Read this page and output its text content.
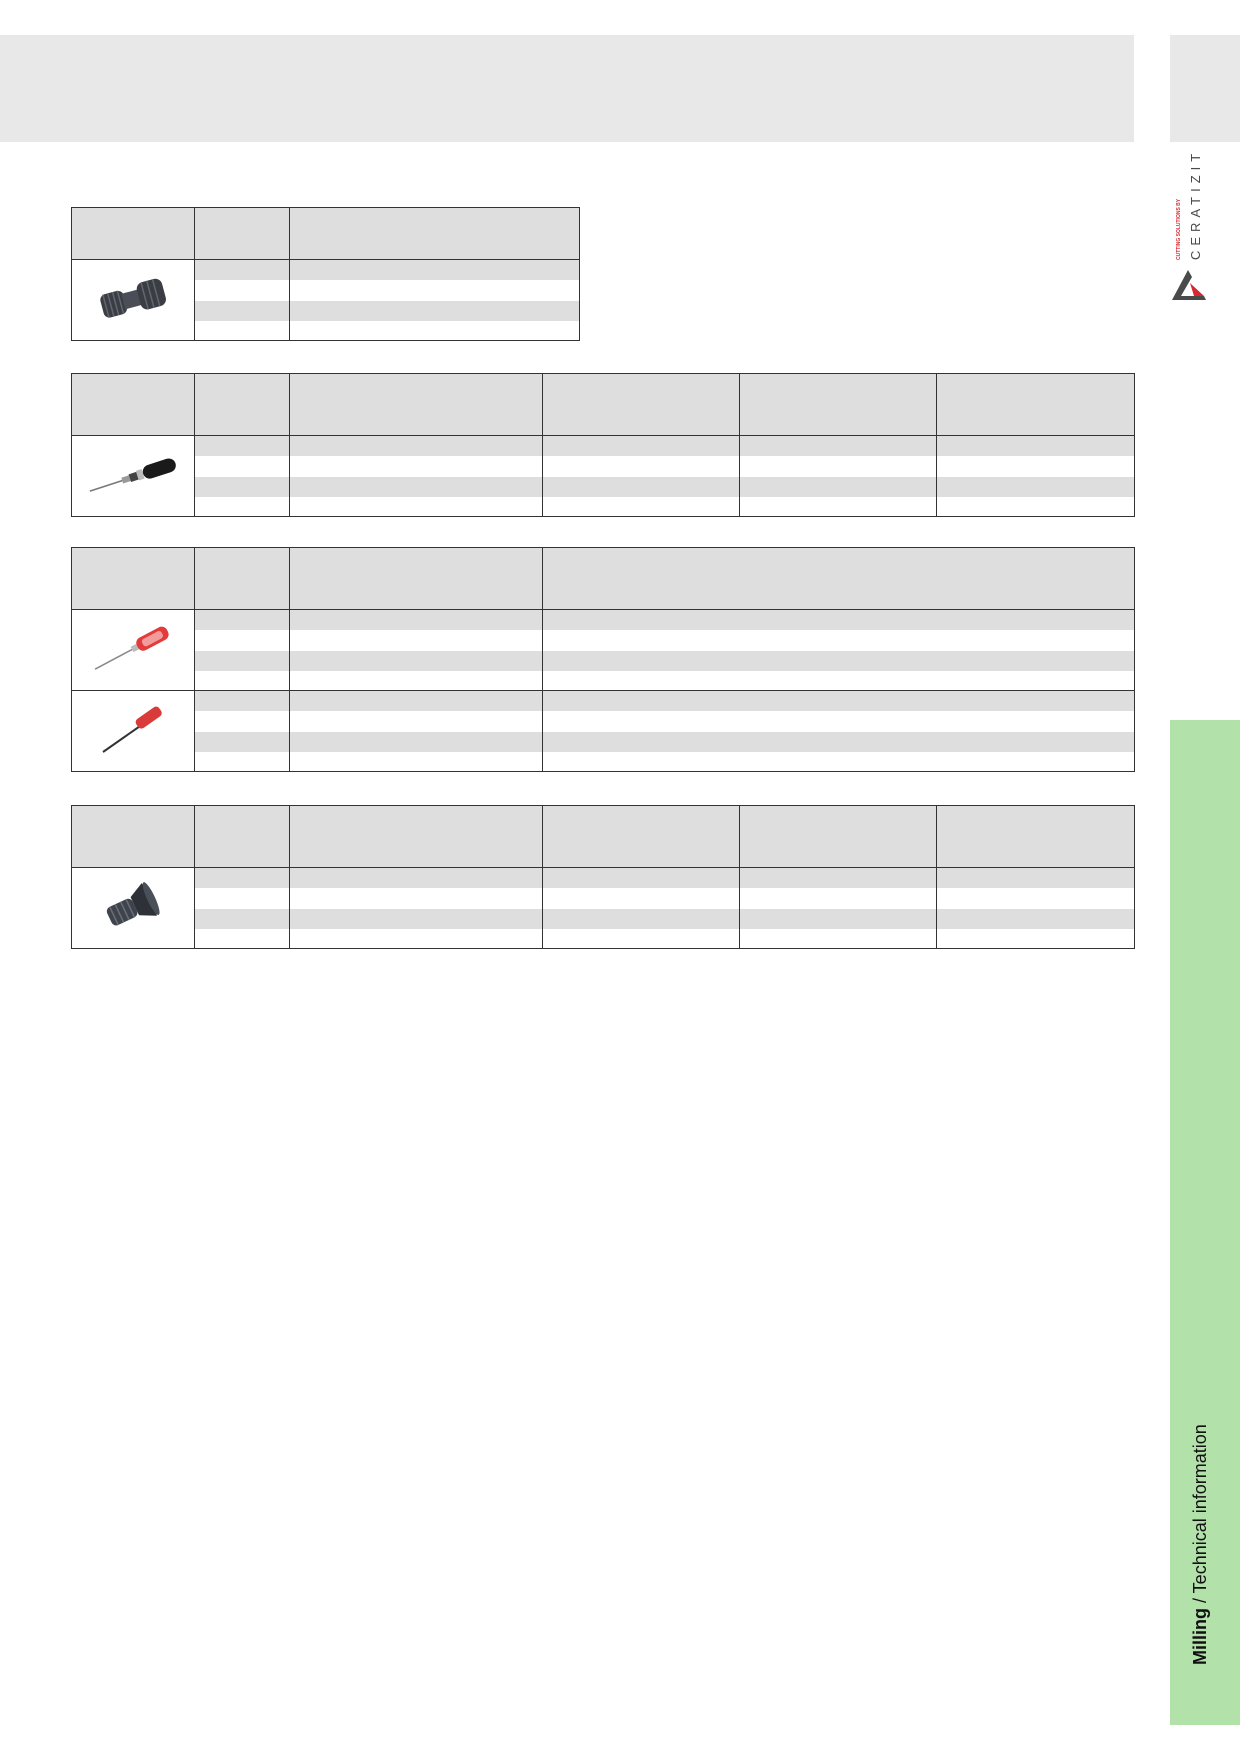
CUTTING SOLUTIONS BY CERATIZIT
Milling / Technical information
